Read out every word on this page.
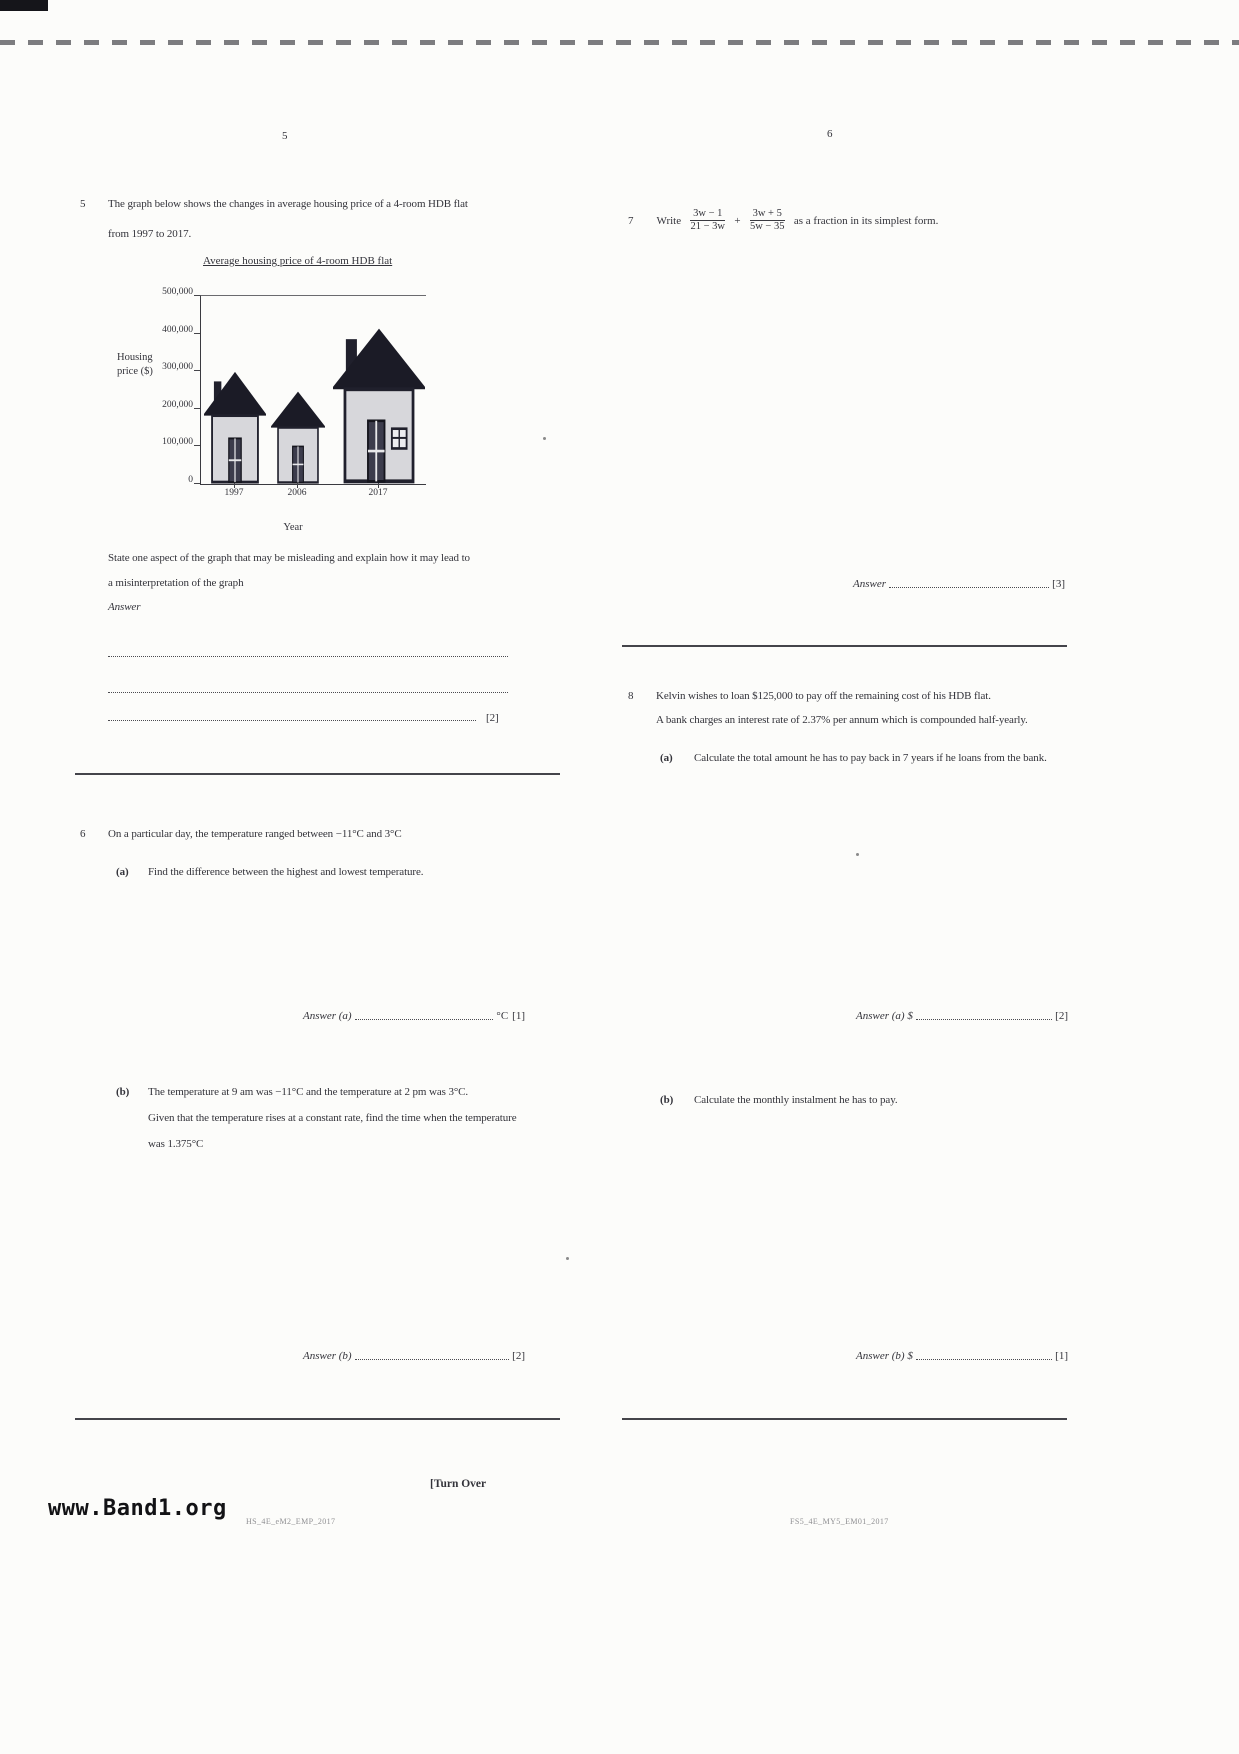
5
5 The graph below shows the changes in average housing price of a 4-room HDB flat
from 1997 to 2017.
Average housing price of 4-room HDB flat
Housing
price ($)
500,000
400,000
300,000
200,000
100,000
0
1997	2006	2017
Year
State one aspect of the graph that may be misleading and explain how it may lead to
a misinterpretation of the graph
Answer
[2]
6 On a particular day, the temperature ranged between −11°C and 3°C
(a) Find the difference between the highest and lowest temperature.
Answer (a)	°C [1]
(b) The temperature at 9 am was −11°C and the temperature at 2 pm was 3°C.
Given that the temperature rises at a constant rate, find the time when the temperature
was 1.375°C
Answer (b)	[2]
[Turn Over
HS_4E_eM2_EMP_2017
6
7 Write $\frac{3w - 1}{21 - 3w} + \frac{3w + 5}{5w - 35}$ as a fraction in its simplest form.
Answer	[3]
8 Kelvin wishes to loan $125,000 to pay off the remaining cost of his HDB flat.
A bank charges an interest rate of 2.37% per annum which is compounded half-yearly.
(a) Calculate the total amount he has to pay back in 7 years if he loans from the bank.
Answer (a) $	[2]
(b) Calculate the monthly instalment he has to pay.
Answer (b) $	[1]
FS5_4E_MY5_EM01_2017
www.Band1.org
